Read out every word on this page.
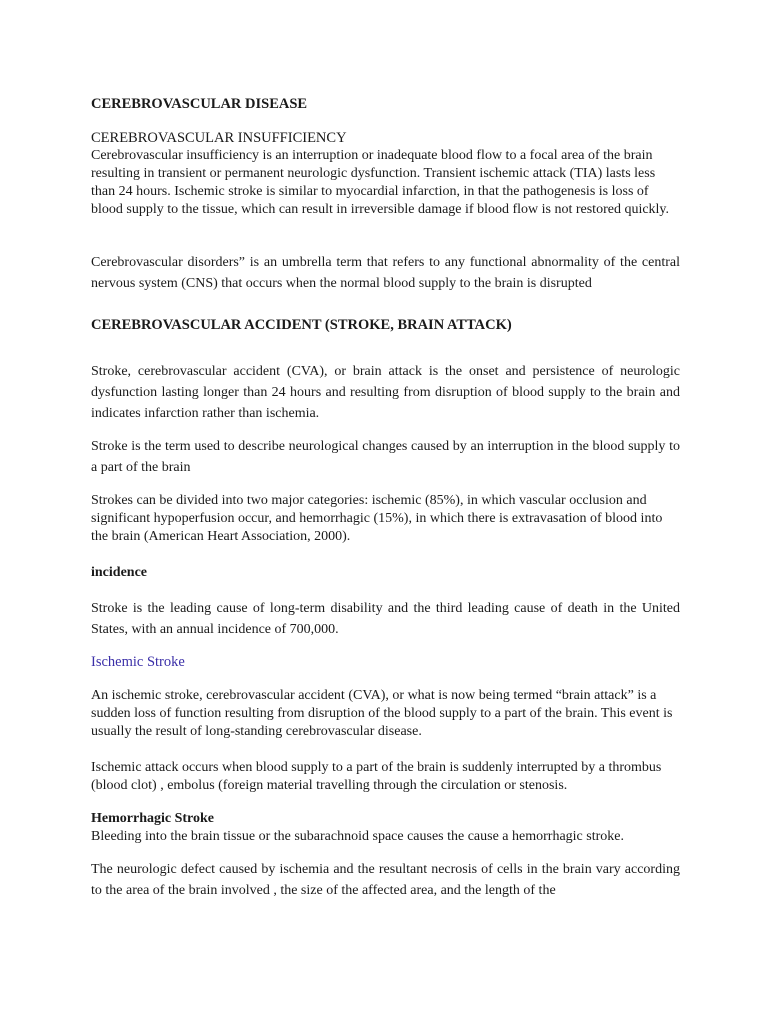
CEREBROVASCULAR DISEASE

CEREBROVASCULAR INSUFFICIENCY

Cerebrovascular insufficiency is an interruption or inadequate blood flow to a focal area of the brain resulting in transient or permanent neurologic dysfunction. Transient ischemic attack (TIA) lasts less than 24 hours. Ischemic stroke is similar to myocardial infarction, in that the pathogenesis is loss of blood supply to the tissue, which can result in irreversible damage if blood flow is not restored quickly.

Cerebrovascular disorders” is an umbrella term that refers to any functional abnormality of the central nervous system (CNS) that occurs when the normal blood supply to the brain is disrupted

CEREBROVASCULAR ACCIDENT (STROKE, BRAIN ATTACK)

Stroke, cerebrovascular accident (CVA), or brain attack is the onset and persistence of neurologic dysfunction lasting longer than 24 hours and resulting from disruption of blood supply to the brain and indicates infarction rather than ischemia.

Stroke is the term used to describe neurological changes caused by an interruption in the blood supply to a part of the brain

Strokes can be divided into two major categories: ischemic (85%), in which vascular occlusion and significant hypoperfusion occur, and hemorrhagic (15%), in which there is extravasation of blood into the brain (American Heart Association, 2000).

incidence

Stroke is the leading cause of long-term disability and the third leading cause of death in the United States, with an annual incidence of 700,000.

Ischemic Stroke

An ischemic stroke, cerebrovascular accident (CVA), or what is now being termed “brain attack” is a sudden loss of function resulting from disruption of the blood supply to a part of the brain. This event is usually the result of long-standing cerebrovascular disease.

Ischemic attack occurs when blood supply to a part of the brain is suddenly interrupted by a thrombus (blood clot) , embolus (foreign material travelling through the circulation or stenosis.

Hemorrhagic Stroke

Bleeding into the brain tissue or the subarachnoid space causes the cause a hemorrhagic stroke.

The neurologic defect caused by ischemia and the resultant necrosis of cells in the brain vary according to the area of the brain involved , the size of the affected area, and the length of the
